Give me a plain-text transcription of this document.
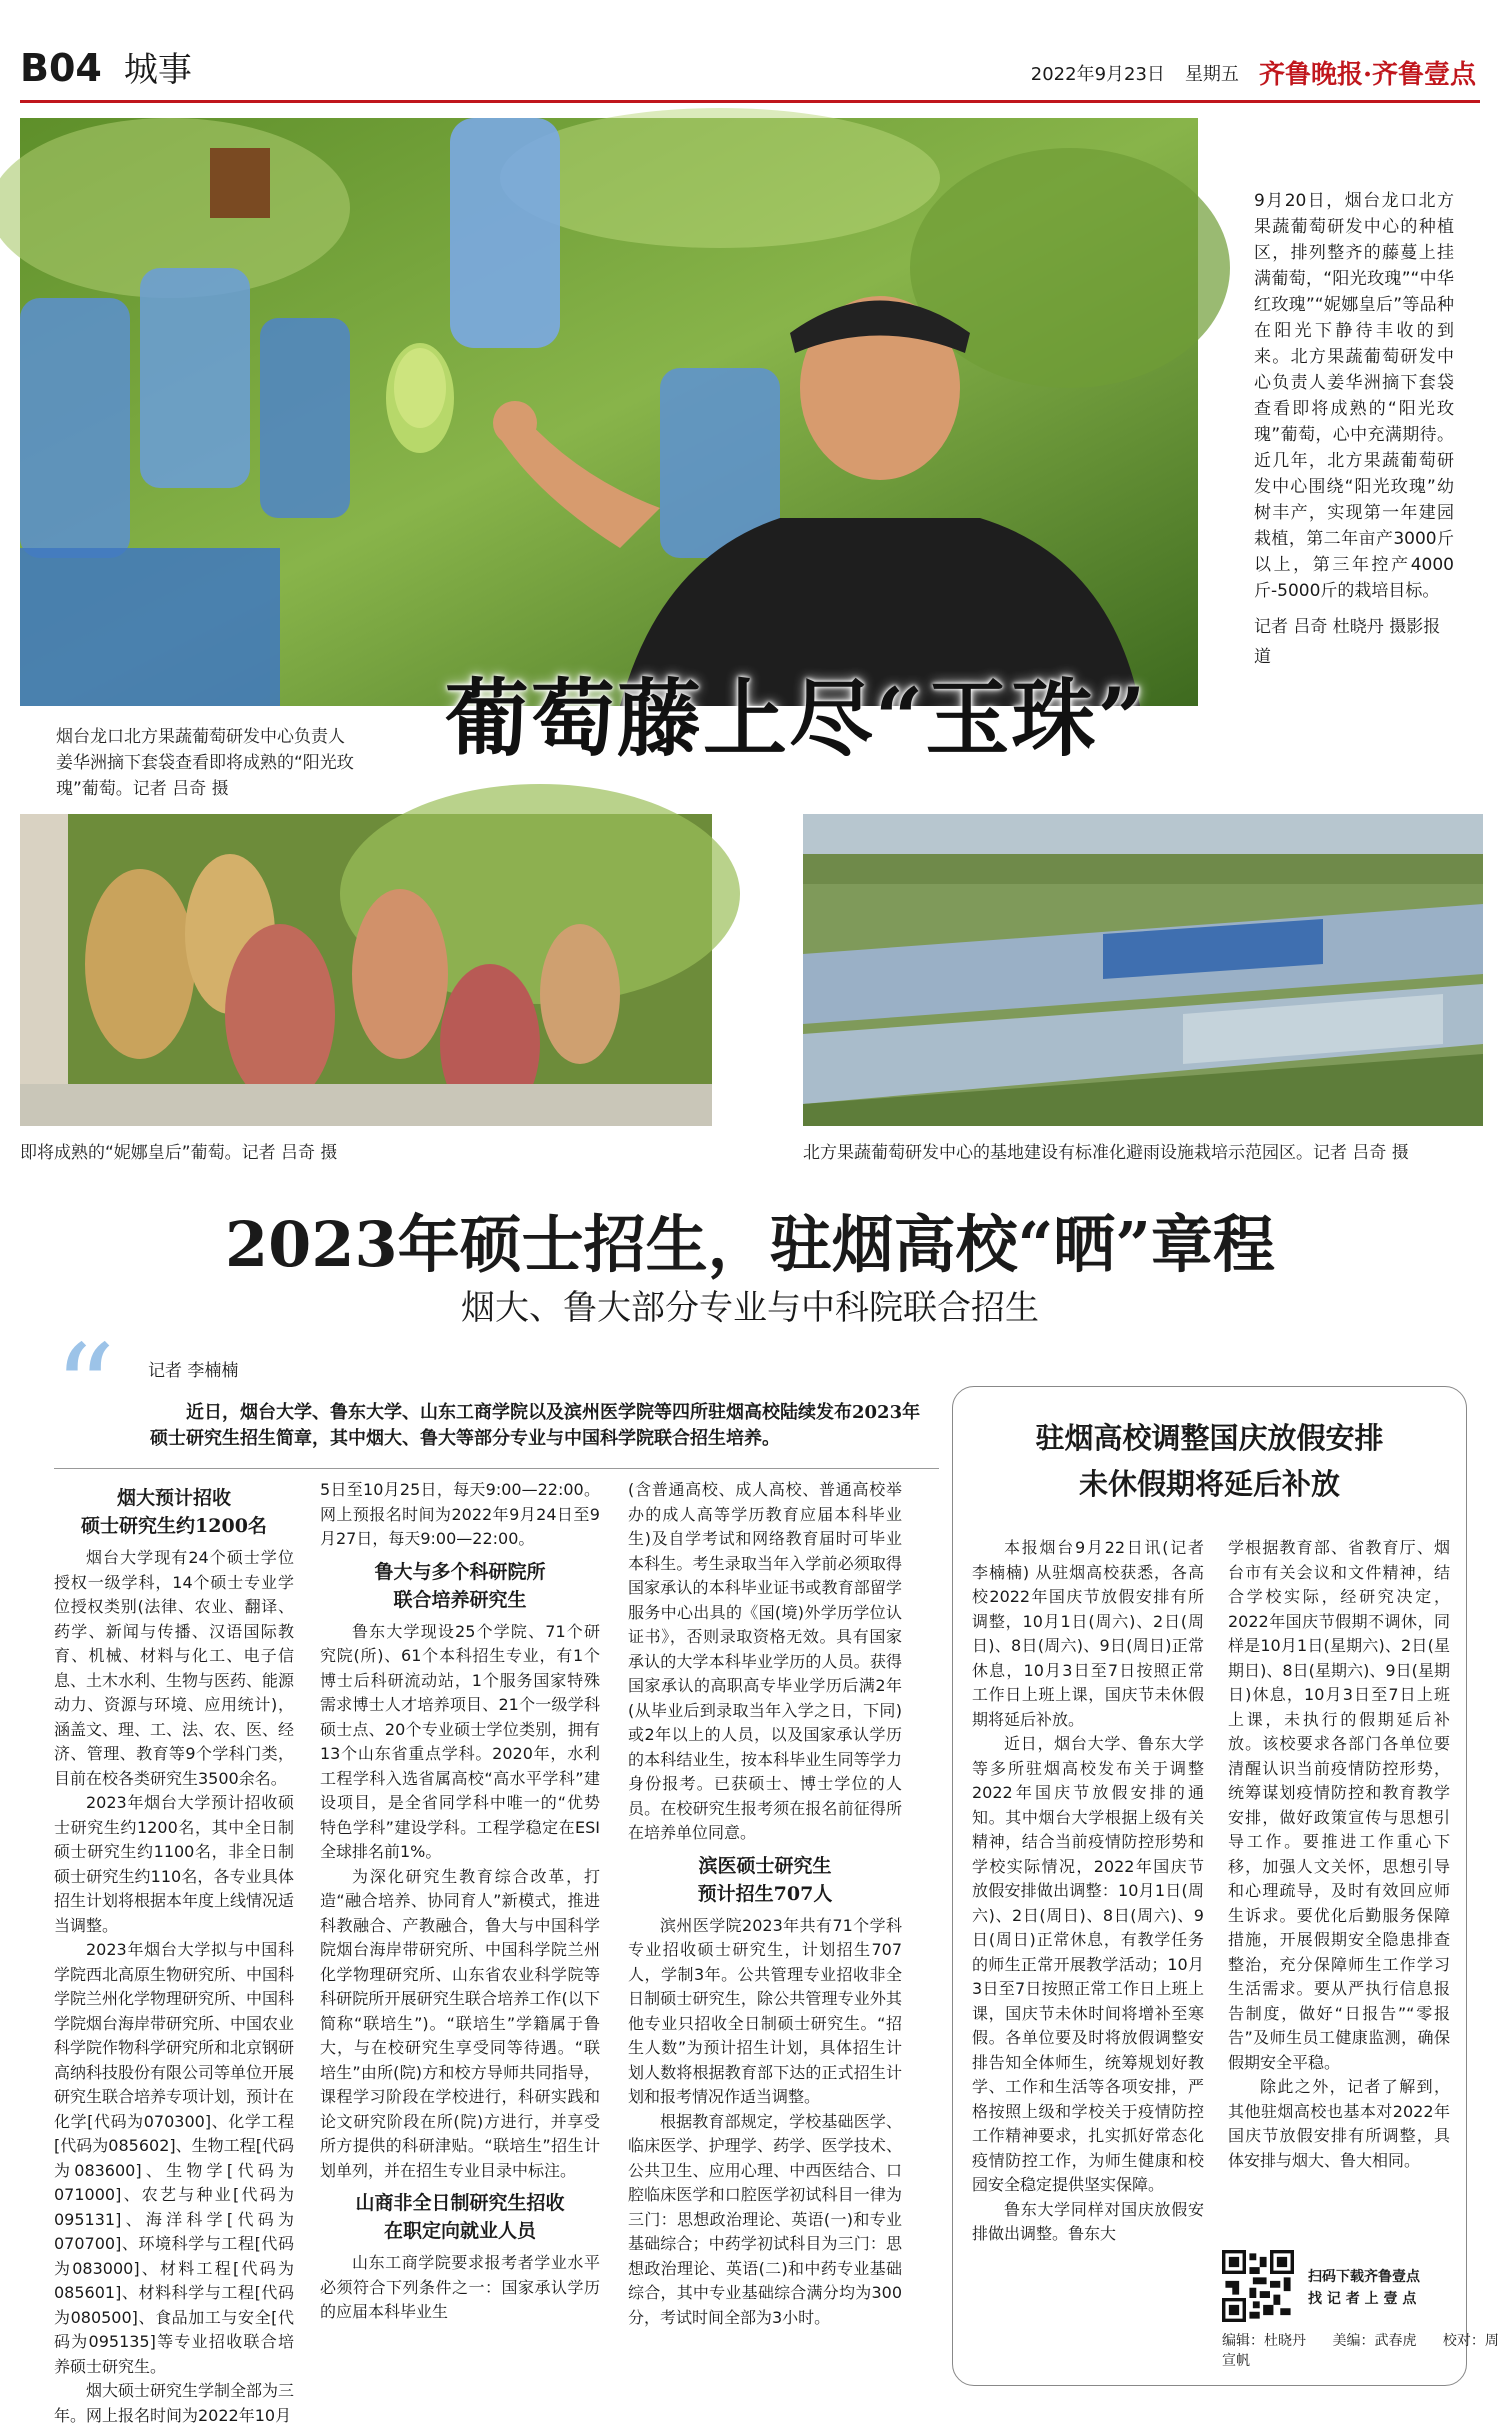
B04 城事	2022年9月23日 星期五 齐鲁晚报·齐鲁壹点
葡萄藤上尽“玉珠”
烟台龙口北方果蔬葡萄研发中心负责人姜华洲摘下套袋查看即将成熟的“阳光玫瑰”葡萄。记者 吕奇 摄
9月20日，烟台龙口北方果蔬葡萄研发中心的种植区，排列整齐的藤蔓上挂满葡萄，“阳光玫瑰”“中华红玫瑰”“妮娜皇后”等品种在阳光下静待丰收的到来。北方果蔬葡萄研发中心负责人姜华洲摘下套袋查看即将成熟的“阳光玫瑰”葡萄，心中充满期待。近几年，北方果蔬葡萄研发中心围绕“阳光玫瑰”幼树丰产，实现第一年建园栽植，第二年亩产3000斤以上，第三年控产4000斤-5000斤的栽培目标。
记者 吕奇 杜晓丹 摄影报道
即将成熟的“妮娜皇后”葡萄。记者 吕奇 摄	北方果蔬葡萄研发中心的基地建设有标准化避雨设施栽培示范园区。记者 吕奇 摄
2023年硕士招生，驻烟高校“晒”章程
烟大、鲁大部分专业与中科院联合招生
“ 记者 李楠楠

近日，烟台大学、鲁东大学、山东工商学院以及滨州医学院等四所驻烟高校陆续发布2023年硕士研究生招生简章，其中烟大、鲁大等部分专业与中国科学院联合招生培养。

烟大预计招收
硕士研究生约1200名

烟台大学现有24个硕士学位授权一级学科，14个硕士专业学位授权类别(法律、农业、翻译、药学、新闻与传播、汉语国际教育、机械、材料与化工、电子信息、土木水利、生物与医药、能源动力、资源与环境、应用统计)，涵盖文、理、工、法、农、医、经济、管理、教育等9个学科门类，目前在校各类研究生3500余名。

2023年烟台大学预计招收硕士研究生约1200名，其中全日制硕士研究生约1100名，非全日制硕士研究生约110名，各专业具体招生计划将根据本年度上线情况适当调整。

2023年烟台大学拟与中国科学院西北高原生物研究所、中国科学院兰州化学物理研究所、中国科学院烟台海岸带研究所、中国农业科学院作物科学研究所和北京钢研高纳科技股份有限公司等单位开展研究生联合培养专项计划，预计在化学[代码为070300]、化学工程[代码为085602]、生物工程[代码为083600]、生物学[代码为071000]、农艺与种业[代码为095131]、海洋科学[代码为070700]、环境科学与工程[代码为083000]、材料工程[代码为085601]、材料科学与工程[代码为080500]、食品加工与安全[代码为095135]等专业招收联合培养硕士研究生。

烟大硕士研究生学制全部为三年。网上报名时间为2022年10月

5日至10月25日，每天9:00—22:00。网上预报名时间为2022年9月24日至9月27日，每天9:00—22:00。

鲁大与多个科研院所
联合培养研究生

鲁东大学现设25个学院、71个研究院(所)、61个本科招生专业，有1个博士后科研流动站，1个服务国家特殊需求博士人才培养项目、21个一级学科硕士点、20个专业硕士学位类别，拥有13个山东省重点学科。2020年，水利工程学科入选省属高校“高水平学科”建设项目，是全省同学科中唯一的“优势特色学科”建设学科。工程学稳定在ESI全球排名前1%。

为深化研究生教育综合改革，打造“融合培养、协同育人”新模式，推进科教融合、产教融合，鲁大与中国科学院烟台海岸带研究所、中国科学院兰州化学物理研究所、山东省农业科学院等科研院所开展研究生联合培养工作(以下简称“联培生”)。“联培生”学籍属于鲁大，与在校研究生享受同等待遇。“联培生”由所(院)方和校方导师共同指导，课程学习阶段在学校进行，科研实践和论文研究阶段在所(院)方进行，并享受所方提供的科研津贴。“联培生”招生计划单列，并在招生专业目录中标注。

山商非全日制研究生招收
在职定向就业人员

山东工商学院要求报考者学业水平必须符合下列条件之一：国家承认学历的应届本科毕业生

(含普通高校、成人高校、普通高校举办的成人高等学历教育应届本科毕业生)及自学考试和网络教育届时可毕业本科生。考生录取当年入学前必须取得国家承认的本科毕业证书或教育部留学服务中心出具的《国(境)外学历学位认证书》，否则录取资格无效。具有国家承认的大学本科毕业学历的人员。获得国家承认的高职高专毕业学历后满2年(从毕业后到录取当年入学之日，下同)或2年以上的人员，以及国家承认学历的本科结业生，按本科毕业生同等学力身份报考。已获硕士、博士学位的人员。在校研究生报考须在报名前征得所在培养单位同意。

滨医硕士研究生
预计招生707人

滨州医学院2023年共有71个学科专业招收硕士研究生，计划招生707人，学制3年。公共管理专业招收非全日制硕士研究生，除公共管理专业外其他专业只招收全日制硕士研究生。“招生人数”为预计招生计划，具体招生计划人数将根据教育部下达的正式招生计划和报考情况作适当调整。

根据教育部规定，学校基础医学、临床医学、护理学、药学、医学技术、公共卫生、应用心理、中西医结合、口腔临床医学和口腔医学初试科目一律为三门：思想政治理论、英语(一)和专业基础综合；中药学初试科目为三门：思想政治理论、英语(二)和中药专业基础综合，其中专业基础综合满分均为300分，考试时间全部为3小时。

驻烟高校调整国庆放假安排
未休假期将延后补放

本报烟台9月22日讯(记者 李楠楠) 从驻烟高校获悉，各高校2022年国庆节放假安排有所调整，10月1日(周六)、2日(周日)、8日(周六)、9日(周日)正常休息，10月3日至7日按照正常工作日上班上课，国庆节未休假期将延后补放。

近日，烟台大学、鲁东大学等多所驻烟高校发布关于调整2022年国庆节放假安排的通知。其中烟台大学根据上级有关精神，结合当前疫情防控形势和学校实际情况，2022年国庆节放假安排做出调整：10月1日(周六)、2日(周日)、8日(周六)、9日(周日)正常休息，有教学任务的师生正常开展教学活动；10月3日至7日按照正常工作日上班上课，国庆节未休时间将增补至寒假。各单位要及时将放假调整安排告知全体师生，统筹规划好教学、工作和生活等各项安排，严格按照上级和学校关于疫情防控工作精神要求，扎实抓好常态化疫情防控工作，为师生健康和校园安全稳定提供坚实保障。

鲁东大学同样对国庆放假安排做出调整。鲁东大

学根据教育部、省教育厅、烟台市有关会议和文件精神，结合学校实际，经研究决定，2022年国庆节假期不调休，同样是10月1日(星期六)、2日(星期日)、8日(星期六)、9日(星期日)休息，10月3日至7日上班上课，未执行的假期延后补放。该校要求各部门各单位要清醒认识当前疫情防控形势，统筹谋划疫情防控和教育教学安排，做好政策宣传与思想引导工作。要推进工作重心下移，加强人文关怀，思想引导和心理疏导，及时有效回应师生诉求。要优化后勤服务保障措施，开展假期安全隐患排查整治，充分保障师生工作学习生活需求。要从严执行信息报告制度，做好“日报告”“零报告”及师生员工健康监测，确保假期安全平稳。

除此之外，记者了解到，其他驻烟高校也基本对2022年国庆节放假安排有所调整，具体安排与烟大、鲁大相同。

扫码下载齐鲁壹点
找 记 者 上 壹 点
编辑：杜晓丹 美编：武春虎 校对：周宣帆
